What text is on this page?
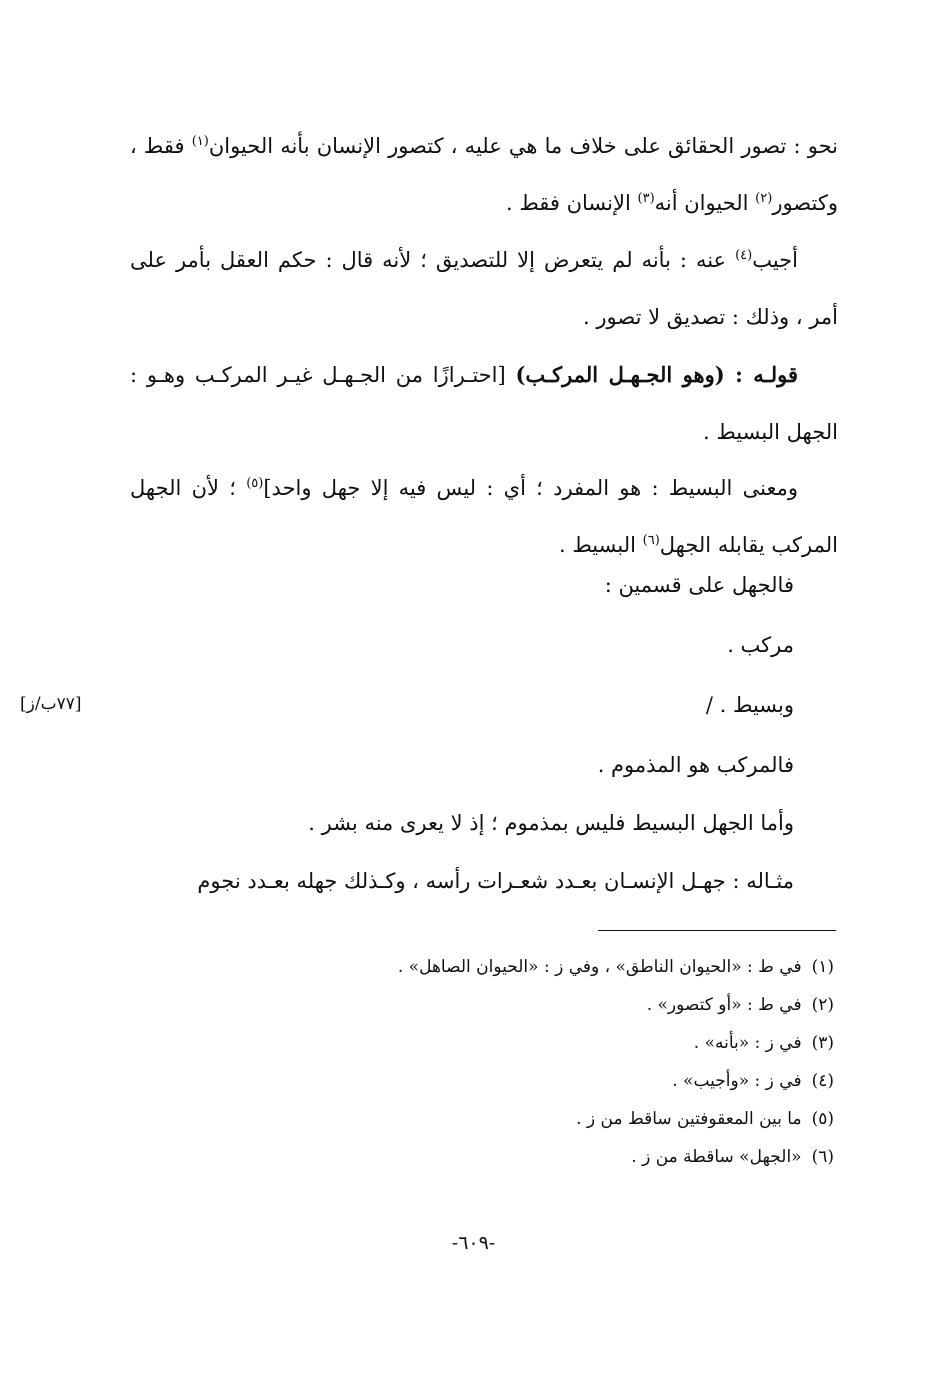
نحو : تصور الحقائق على خلاف ما هي عليه ، كتصور الإنسان بأنه الحيوان$^{(١)}$ فقط ، وكتصور$^{(٢)}$ الحيوان أنه$^{(٣)}$ الإنسان فقط .

أجيب$^{(٤)}$ عنه : بأنه لم يتعرض إلا للتصديق ؛ لأنه قال : حكم العقل بأمر على أمر ، وذلك : تصديق لا تصور .

قولـه : (وهو الجـهـل المركـب) [احتـرازًا من الجـهـل غيـر المركـب وهـو : الجهل البسيط .

ومعنى البسيط : هو المفرد ؛ أي : ليس فيه إلا جهل واحد]$^{(٥)}$ ؛ لأن الجهل المركب يقابله الجهل$^{(٦)}$ البسيط .

فالجهل على قسمين :
مركب .
وبسيط . /
فالمركب هو المذموم .
وأما الجهل البسيط فليس بمذموم ؛ إذ لا يعرى منه بشر .
مثـاله : جهـل الإنسـان بعـدد شعـرات رأسه ، وكـذلك جهله بعـدد نجوم
[٧٧ب/ز]
(١)في ط : «الحيوان الناطق» ، وفي ز : «الحيوان الصاهل» .
(٢)في ط : «أو كتصور» .
(٣)في ز : «بأنه» .
(٤)في ز : «وأجيب» .
(٥)ما بين المعقوفتين ساقط من ز .
(٦)«الجهل» ساقطة من ز .
-٦٠٩-
